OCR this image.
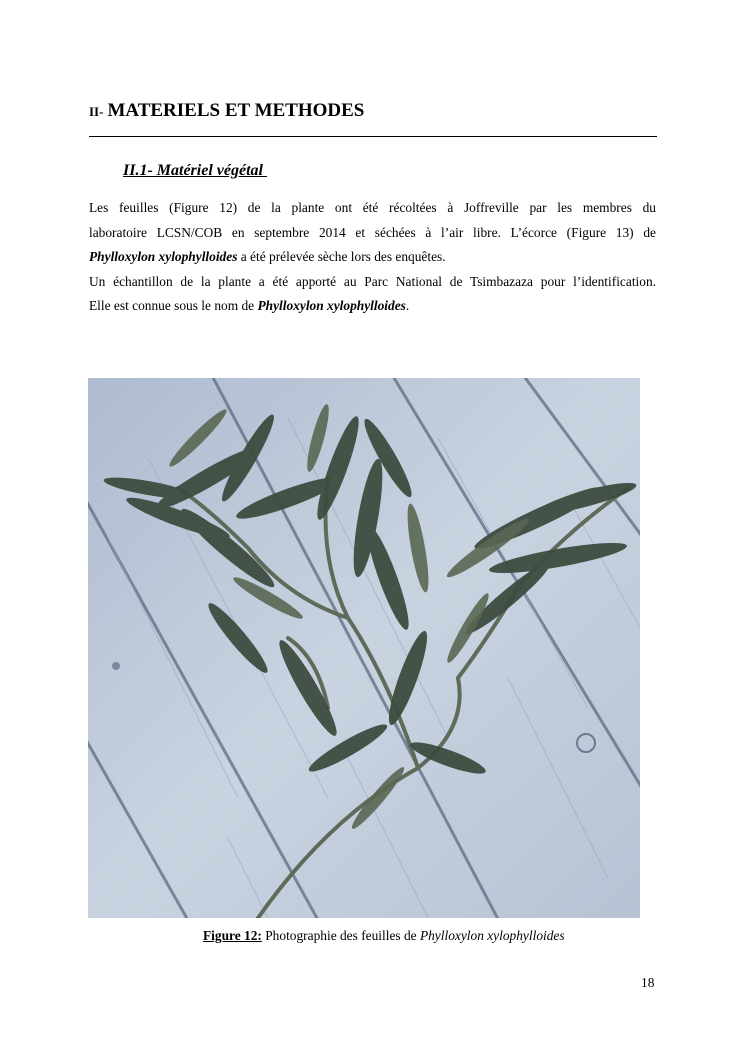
II- MATERIELS ET METHODES
II.1- Matériel végétal

Les feuilles (Figure 12) de la plante ont été récoltées à Joffreville par les membres du

laboratoire LCSN/COB en septembre 2014 et séchées à l’air libre. L’écorce (Figure 13) de

Phylloxylon xylophylloides a été prélevée sèche lors des enquêtes.

Un échantillon de la plante a été apporté au Parc National de Tsimbazaza pour l’identification.

Elle est connue sous le nom de Phylloxylon xylophylloides.

Figure 12: Photographie des feuilles de Phylloxylon xylophylloides
18
